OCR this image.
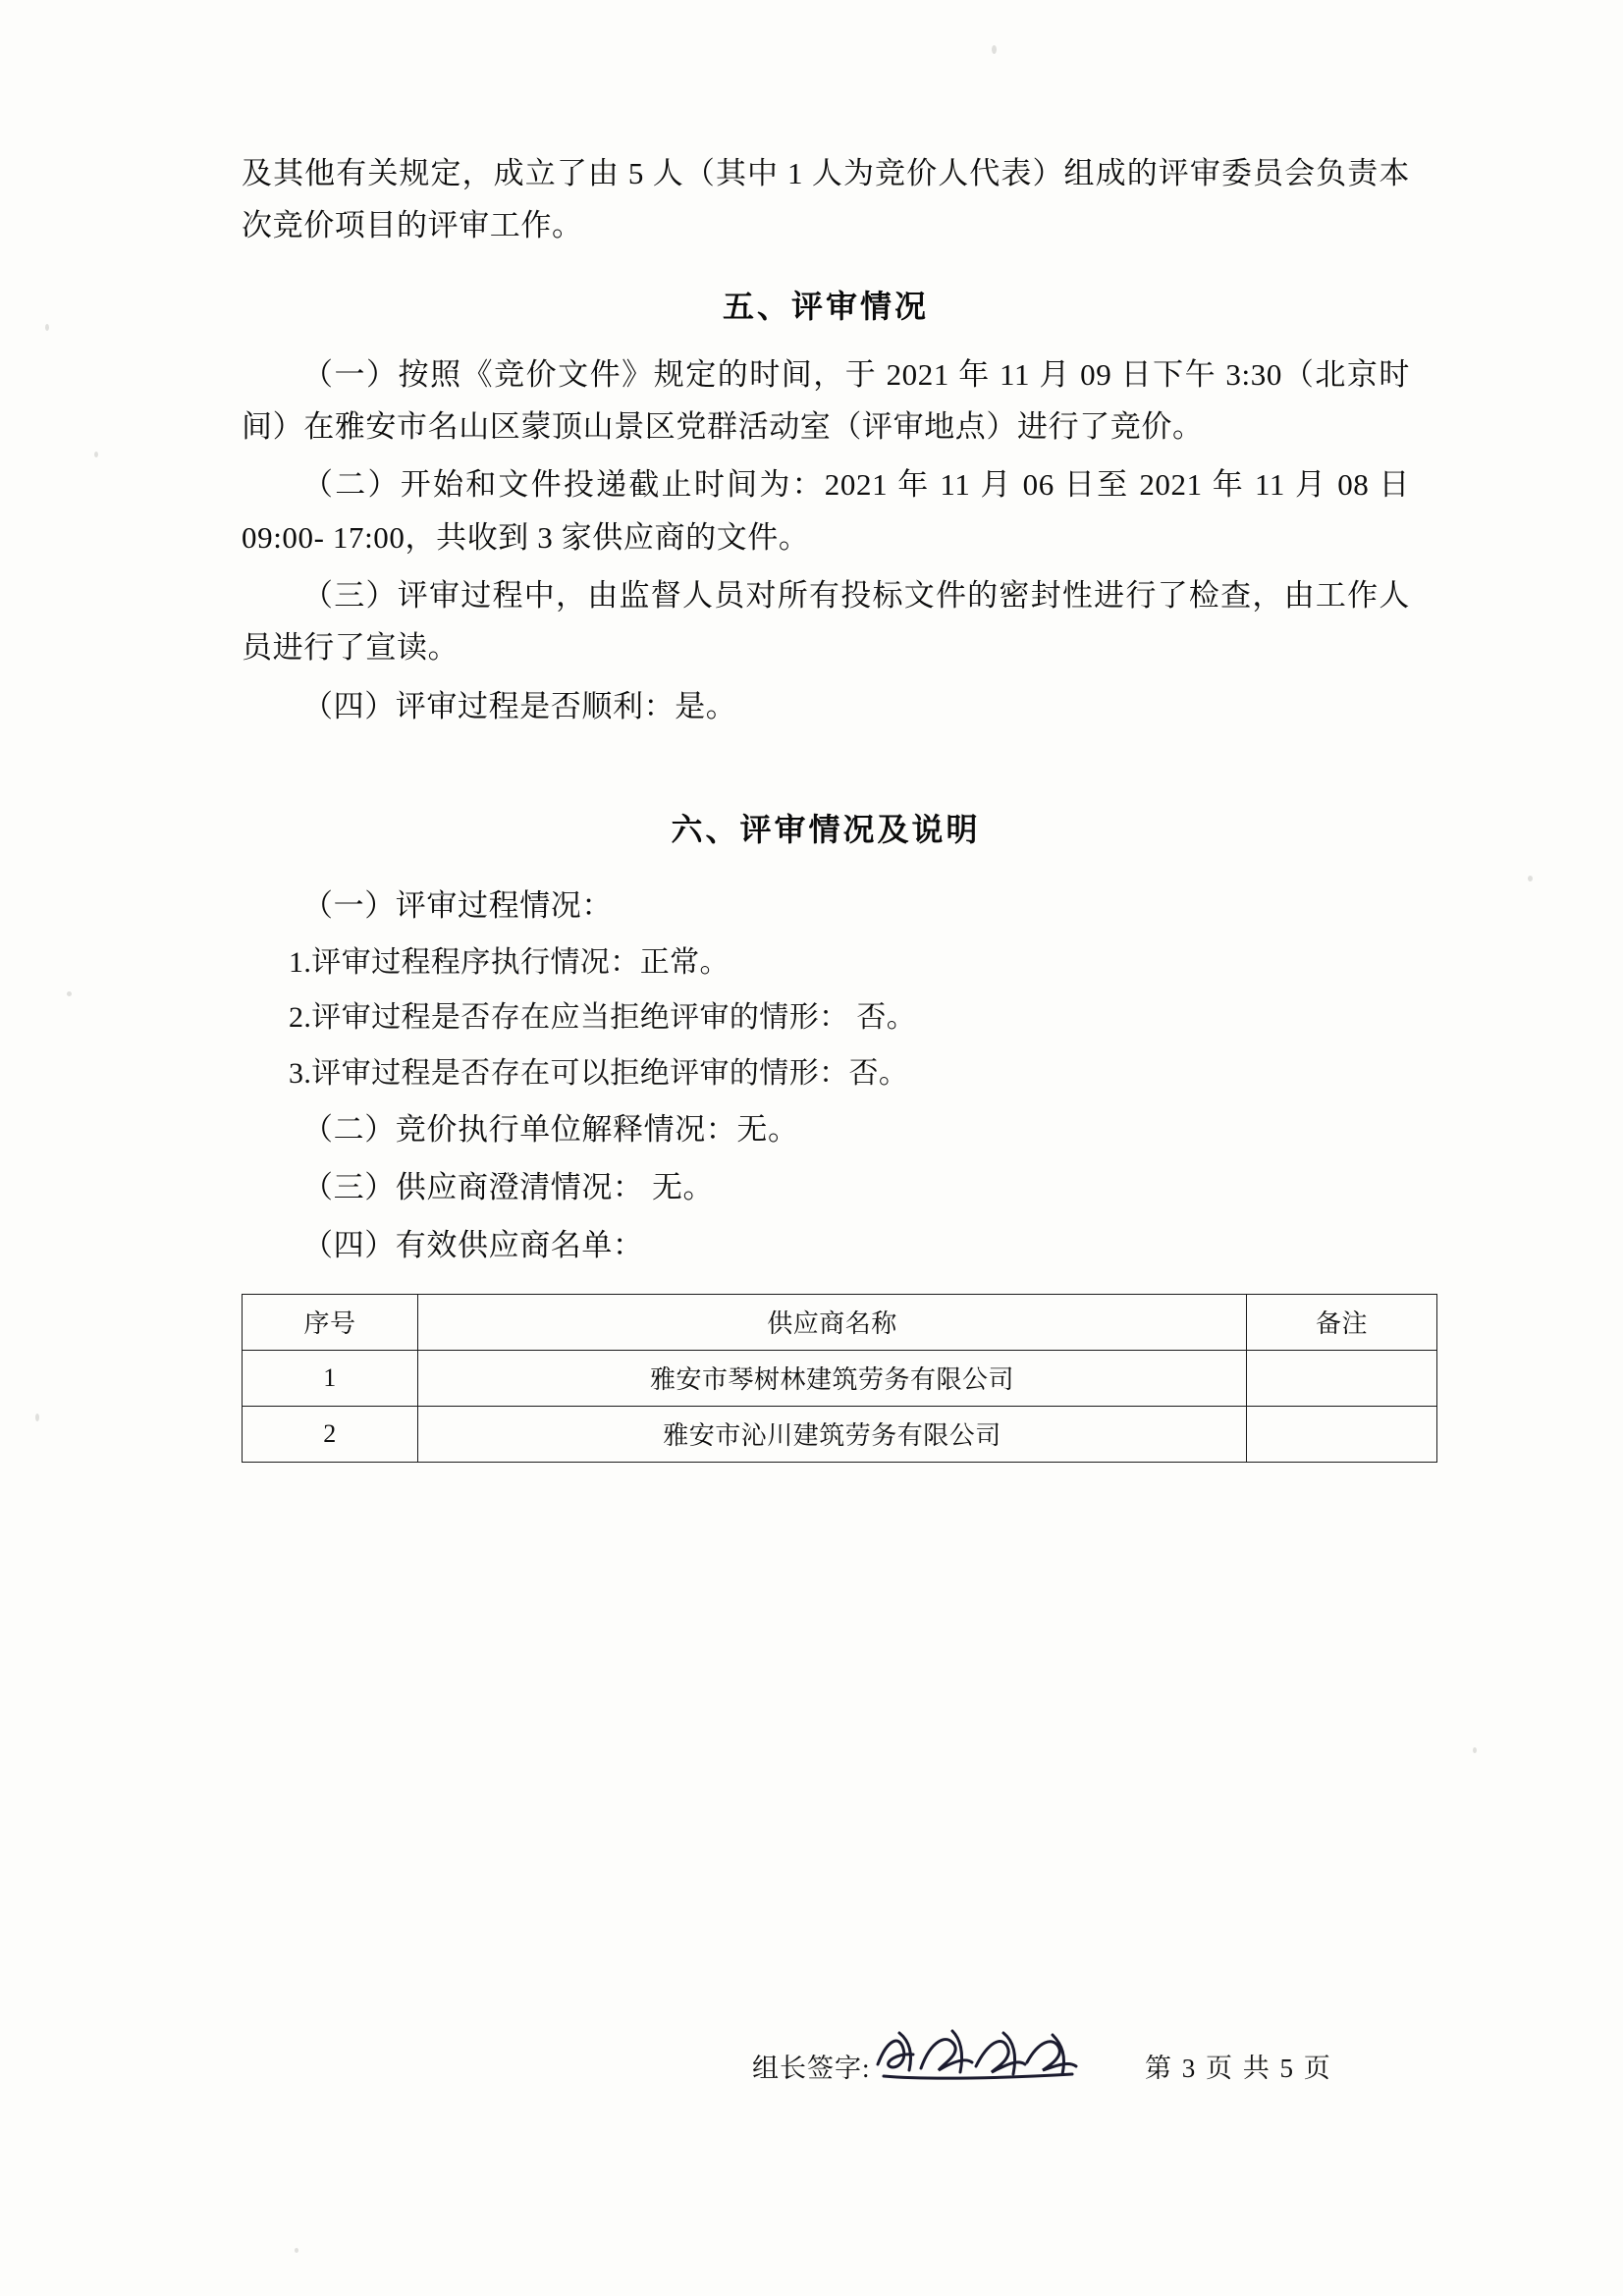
及其他有关规定，成立了由 5 人（其中 1 人为竞价人代表）组成的评审委员会负责本次竞价项目的评审工作。

五、评审情况

（一）按照《竞价文件》规定的时间，于 2021 年 11 月 09 日下午 3:30（北京时间）在雅安市名山区蒙顶山景区党群活动室（评审地点）进行了竞价。

（二）开始和文件投递截止时间为：2021 年 11 月 06 日至 2021 年 11 月 08 日 09:00- 17:00，共收到 3 家供应商的文件。

（三）评审过程中，由监督人员对所有投标文件的密封性进行了检查，由工作人员进行了宣读。

（四）评审过程是否顺利：是。

六、评审情况及说明

（一）评审过程情况：

1.评审过程程序执行情况：正常。

2.评审过程是否存在应当拒绝评审的情形： 否。

3.评审过程是否存在可以拒绝评审的情形：否。

（二）竞价执行单位解释情况：无。

（三）供应商澄清情况： 无。

（四）有效供应商名单：

序号	供应商名称	备注
1	雅安市琴树林建筑劳务有限公司	
2	雅安市沁川建筑劳务有限公司	
组长签字:	第 3 页 共 5 页
